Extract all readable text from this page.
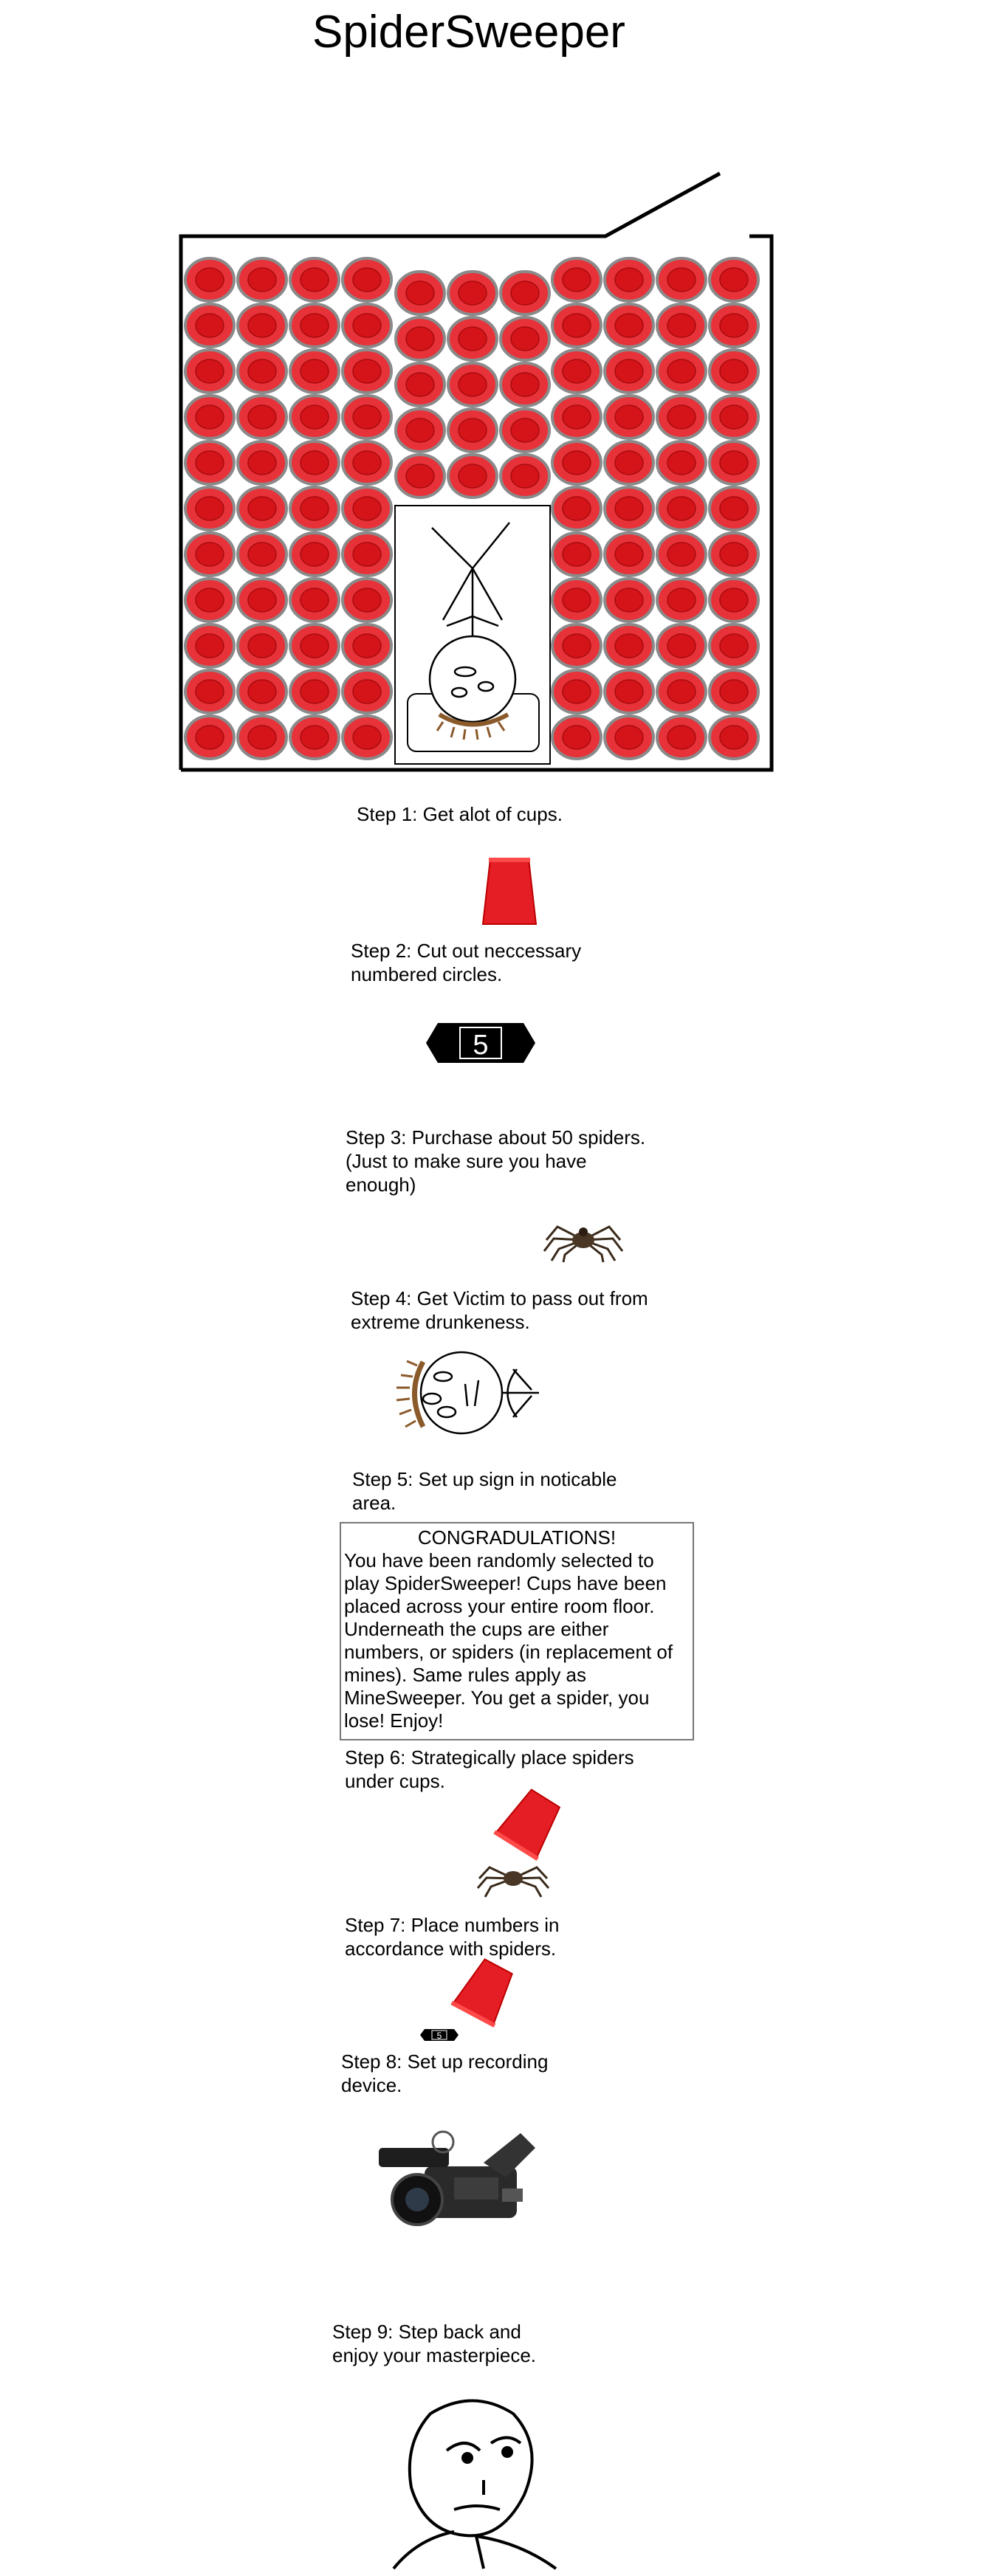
SpiderSweeper
Step 1: Get alot of cups.
Step 2: Cut out neccessary
numbered circles.
5
Step 3: Purchase about 50 spiders.
(Just to make sure you have
enough)
Step 4: Get Victim to pass out from
extreme drunkeness.
Step 5: Set up sign in noticable
area.
CONGRADULATIONS!
You have been randomly selected to play SpiderSweeper! Cups have been placed across your entire room floor. Underneath the cups are either numbers, or spiders (in replacement of mines). Same rules apply as MineSweeper. You get a spider, you lose! Enjoy!
Step 6: Strategically place spiders
under cups.
Step 7: Place numbers in
accordance with spiders.
5
Step 8: Set up recording
device.
Step 9: Step back and
enjoy your masterpiece.
